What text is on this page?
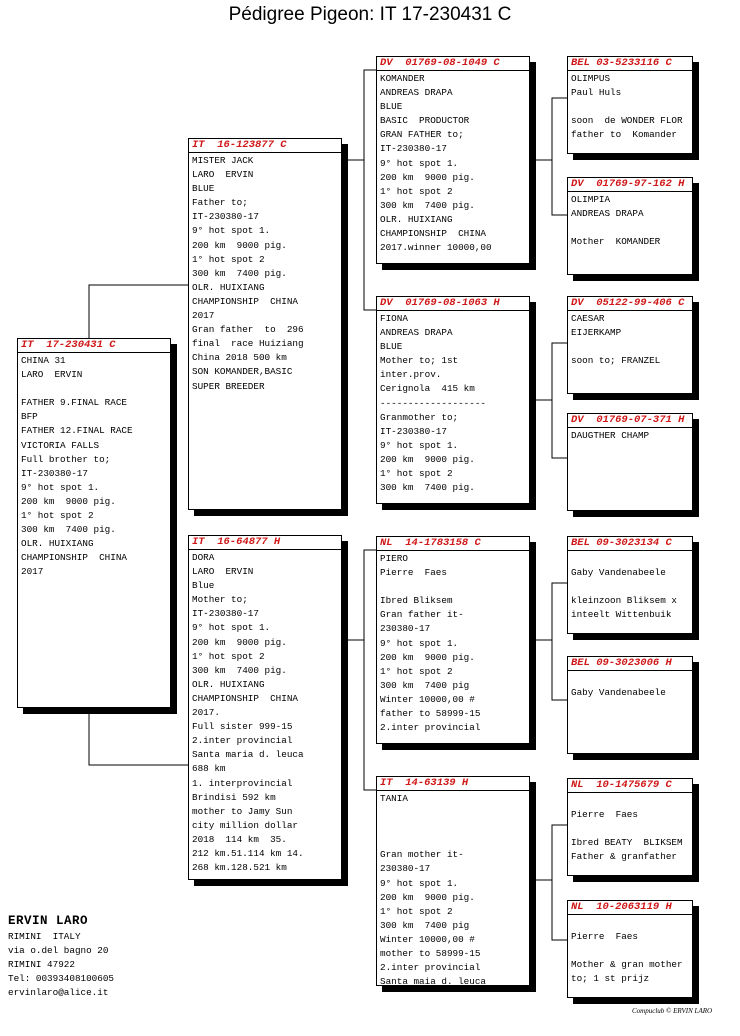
Pédigree Pigeon: IT 17-230431 C
IT  17-230431 C
CHINA 31
LARO  ERVIN
FATHER 9.FINAL RACE
BFP
FATHER 12.FINAL RACE
VICTORIA FALLS
Full brother to;
IT-230380-17
9° hot spot 1.
200 km  9000 pig.
1° hot spot 2
300 km  7400 pig.
OLR. HUIXIANG
CHAMPIONSHIP  CHINA
2017
IT  16-123877 C
MISTER JACK
LARO  ERVIN
BLUE
Father to;
IT-230380-17
9° hot spot 1.
200 km  9000 pig.
1° hot spot 2
300 km  7400 pig.
OLR. HUIXIANG
CHAMPIONSHIP  CHINA
2017
Gran father  to  296
final  race Huiziang
China 2018 500 km
SON KOMANDER,BASIC
SUPER BREEDER
IT  16-64877 H
DORA
LARO  ERVIN
Blue
Mother to;
IT-230380-17
9° hot spot 1.
200 km  9000 pig.
1° hot spot 2
300 km  7400 pig.
OLR. HUIXIANG
CHAMPIONSHIP  CHINA
2017.
Full sister 999-15
2.inter provincial
Santa maria d. leuca
688 km
1. interprovincial
Brindisi 592 km
mother to Jamy Sun
city million dollar
2018  114 km  35.
212 km.51.114 km 14.
268 km.128.521 km
DV  01769-08-1049 C
KOMANDER
ANDREAS DRAPA
BLUE
BASIC  PRODUCTOR
GRAN FATHER to;
IT-230380-17
9° hot spot 1.
200 km  9000 pig.
1° hot spot 2
300 km  7400 pig.
OLR. HUIXIANG
CHAMPIONSHIP  CHINA
2017.winner 10000,00
DV  01769-08-1063 H
FIONA
ANDREAS DRAPA
BLUE
Mother to; 1st
inter.prov.
Cerignola  415 km
-------------------
Granmother to;
IT-230380-17
9° hot spot 1.
200 km  9000 pig.
1° hot spot 2
300 km  7400 pig.
NL  14-1783158 C
PIERO
Pierre  Faes
Ibred Bliksem
Gran father it-
230380-17
9° hot spot 1.
200 km  9000 pig.
1° hot spot 2
300 km  7400 pig
Winter 10000,00 #
father to 58999-15
2.inter provincial
IT  14-63139 H
TANIA
Gran mother it-
230380-17
9° hot spot 1.
200 km  9000 pig.
1° hot spot 2
300 km  7400 pig
Winter 10000,00 #
mother to 58999-15
2.inter provincial
Santa maia d. leuca
BEL 03-5233116 C
OLIMPUS
Paul Huls
soon  de WONDER FLOR
father to  Komander
DV  01769-97-162 H
OLIMPIA
ANDREAS DRAPA
Mother  KOMANDER
DV  05122-99-406 C
CAESAR
EIJERKAMP
soon to; FRANZEL
DV  01769-07-371 H
DAUGTHER CHAMP
BEL 09-3023134 C
Gaby Vandenabeele
kleinzoon Bliksem x
inteelt Wittenbuik
BEL 09-3023006 H
Gaby Vandenabeele
NL  10-1475679 C
Pierre  Faes
Ibred BEATY  BLIKSEM
Father & granfather
NL  10-2063119 H
Pierre  Faes
Mother & gran mother
to; 1 st prijz
ERVIN LARO
RIMINI  ITALY
via o.del bagno 20
RIMINI 47922
Tel: 00393408100605
ervinlaro@alice.it
Compuclub © ERVIN LARO
